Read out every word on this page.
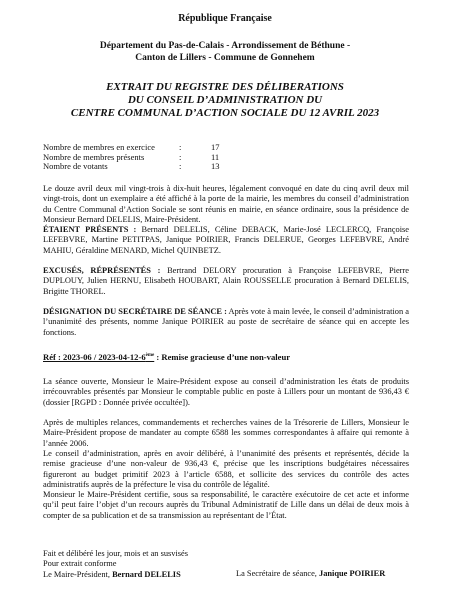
République Française
Département du Pas-de-Calais - Arrondissement de Béthune -
Canton de Lillers - Commune de Gonnehem
EXTRAIT DU REGISTRE DES DÉLIBERATIONS
DU CONSEIL D’ADMINISTRATION DU
CENTRE COMMUNAL D’ACTION SOCIALE DU 12 AVRIL 2023
Nombre de membres en exercice	:	17
Nombre de membres présents	:	11
Nombre de votants	:	13
Le douze avril deux mil vingt-trois à dix-huit heures, légalement convoqué en date du cinq avril deux mil vingt-trois, dont un exemplaire a été affiché à la porte de la mairie, les membres du conseil d’administration du Centre Communal d’Action Sociale se sont réunis en mairie, en séance ordinaire, sous la présidence de Monsieur Bernard DELELIS, Maire-Président.
ÉTAIENT PRÉSENTS : Bernard DELELIS, Céline DEBACK, Marie-José LECLERCQ, Françoise LEFEBVRE, Martine PETITPAS, Janique POIRIER, Francis DELERUE, Georges LEFEBVRE, André MAHIU, Géraldine MENARD, Michel QUINBETZ.
EXCUSÉS, RÉPRÉSENTÉS : Bertrand DELORY procuration à Françoise LEFEBVRE, Pierre DUPLOUY, Julien HERNU, Elisabeth HOUBART, Alain ROUSSELLE procuration à Bernard DELELIS, Brigitte THOREL.
DÉSIGNATION DU SECRÉTAIRE DE SÉANCE : Après vote à main levée, le conseil d’administration a l’unanimité des présents, nomme Janique POIRIER au poste de secrétaire de séance qui en accepte les fonctions.
Réf : 2023-06 / 2023-04-12-6ème : Remise gracieuse d’une non-valeur
La séance ouverte, Monsieur le Maire-Président expose au conseil d’administration les états de produits irrécouvrables présentés par Monsieur le comptable public en poste à Lillers pour un montant de 936,43 € (dossier [RGPD : Donnée privée occultée]).
Après de multiples relances, commandements et recherches vaines de la Trésorerie de Lillers, Monsieur le Maire-Président propose de mandater au compte 6588 les sommes correspondantes à affaire qui remonte à l’année 2006.
Le conseil d’administration, après en avoir délibéré, à l’unanimité des présents et représentés, décide la remise gracieuse d’une non-valeur de 936,43 €, précise que les inscriptions budgétaires nécessaires figureront au budget primitif 2023 à l’article 6588, et sollicite des services du contrôle des actes administratifs auprès de la préfecture le visa du contrôle de légalité.
Monsieur le Maire-Président certifie, sous sa responsabilité, le caractère exécutoire de cet acte et informe qu’il peut faire l’objet d’un recours auprès du Tribunal Administratif de Lille dans un délai de deux mois à compter de sa publication et de sa transmission au représentant de l’État.
Fait et délibéré les jour, mois et an susvisés
Pour extrait conforme
Le Maire-Président, Bernard DELELIS	La Secrétaire de séance, Janique POIRIER
